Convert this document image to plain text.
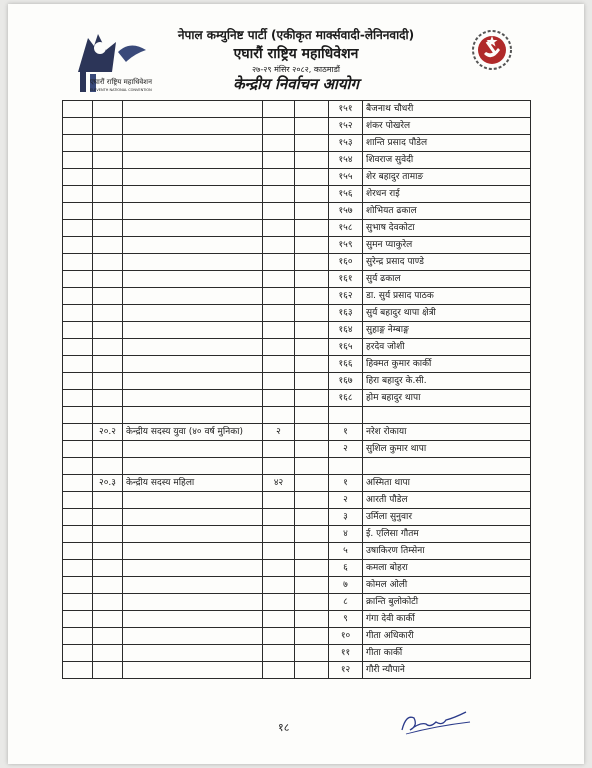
एघारौं राष्ट्रिय महाधिवेशन
ELEVENTH NATIONAL CONVENTION
नेपाल कम्युनिष्ट पार्टी (एकीकृत मार्क्सवादी-लेनिनवादी)
एघारौं राष्ट्रिय महाधिवेशन
२७-२९ मंसिर २०८२, काठमाडौं
केन्द्रीय निर्वाचन आयोग
					१५१	बैजनाथ चौधरी
					१५२	शंकर पोखरेल
					१५३	शान्ति प्रसाद पौडेल
					१५४	शिवराज सुवेदी
					१५५	शेर बहादुर तामाङ
					१५६	शेरधन राई
					१५७	शोभियत ढकाल
					१५८	सुभाष देवकोटा
					१५९	सुमन प्याकुरेल
					१६०	सुरेन्द्र प्रसाद पाण्डे
					१६१	सुर्य ढकाल
					१६२	डा. सुर्य प्रसाद पाठक
					१६३	सुर्य बहादुर थापा क्षेत्री
					१६४	सुहाङ्ग नेम्बाङ्ग
					१६५	हरदेव जोशी
					१६६	हिक्मत कुमार कार्की
					१६७	हिरा बहादुर के.सी.
					१६८	होम बहादुर थापा

	२०.२	केन्द्रीय सदस्य युवा (४० वर्ष मुनिका)	२		१	नरेश रोकाया
					२	सुशिल कुमार थापा

	२०.३	केन्द्रीय सदस्य महिला	४२		१	अस्मिता थापा
					२	आरती पौडेल
					३	उर्मिला सुनुवार
					४	ई. एलिसा गौतम
					५	उषाकिरण तिम्सेना
					६	कमला बोहरा
					७	कोमल ओली
					८	क्रान्ति बुलोकोटी
					९	गंगा देवी कार्की
					१०	गीता अधिकारी
					११	गीता कार्की
					१२	गौरी न्यौपाने
१८
